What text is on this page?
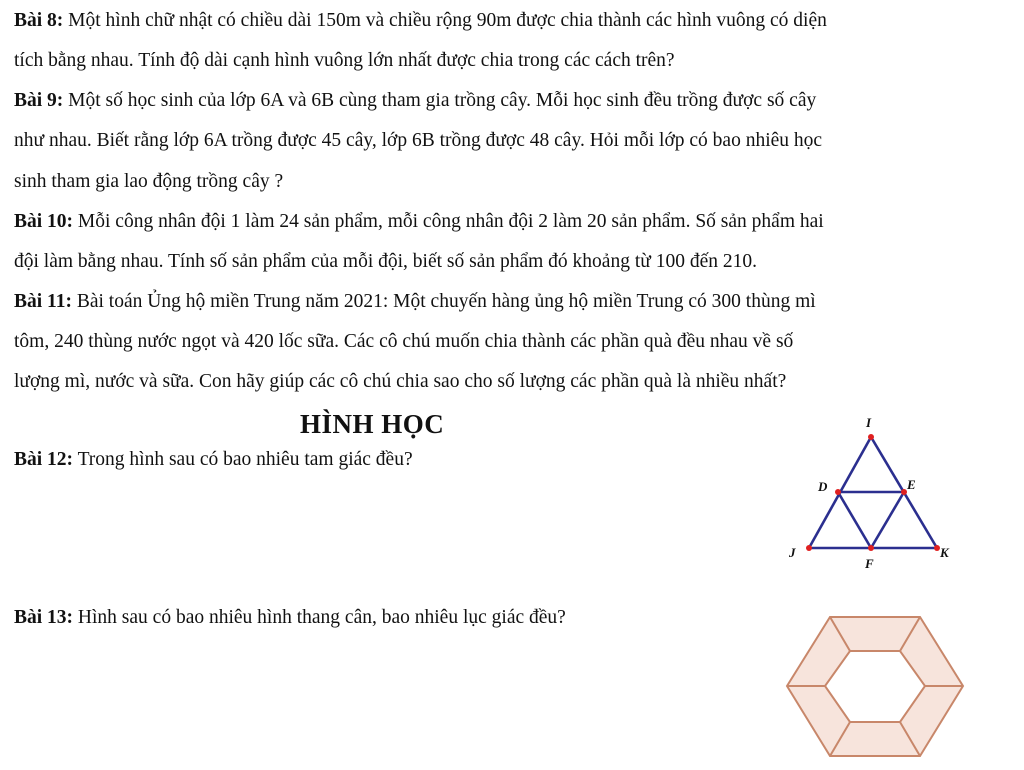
Bài 8: Một hình chữ nhật có chiều dài 150m và chiều rộng 90m được chia thành các hình vuông có diện
tích bằng nhau. Tính độ dài cạnh hình vuông lớn nhất được chia trong các cách trên?
Bài 9: Một số học sinh của lớp 6A và 6B cùng tham gia trồng cây. Mỗi học sinh đều trồng được số cây
như nhau. Biết rằng lớp 6A trồng được 45 cây, lớp 6B trồng được 48 cây. Hỏi mỗi lớp có bao nhiêu học
sinh tham gia lao động trồng cây ?
Bài 10: Mỗi công nhân đội 1 làm 24 sản phẩm, mỗi công nhân đội 2 làm 20 sản phẩm. Số sản phẩm hai
đội làm bằng nhau. Tính số sản phẩm của mỗi đội, biết số sản phẩm đó khoảng từ 100 đến 210.
Bài 11: Bài toán Ủng hộ miền Trung năm 2021: Một chuyến hàng ủng hộ miền Trung có 300 thùng mì
tôm, 240 thùng nước ngọt và 420 lốc sữa. Các cô chú muốn chia thành các phần quà đều nhau về số
lượng mì, nước và sữa. Con hãy giúp các cô chú chia sao cho số lượng các phần quà là nhiều nhất?
HÌNH HỌC
Bài 12: Trong hình sau có bao nhiêu tam giác đều?
I
D	E
J
F
K
Bài 13: Hình sau có bao nhiêu hình thang cân, bao nhiêu lục giác đều?
